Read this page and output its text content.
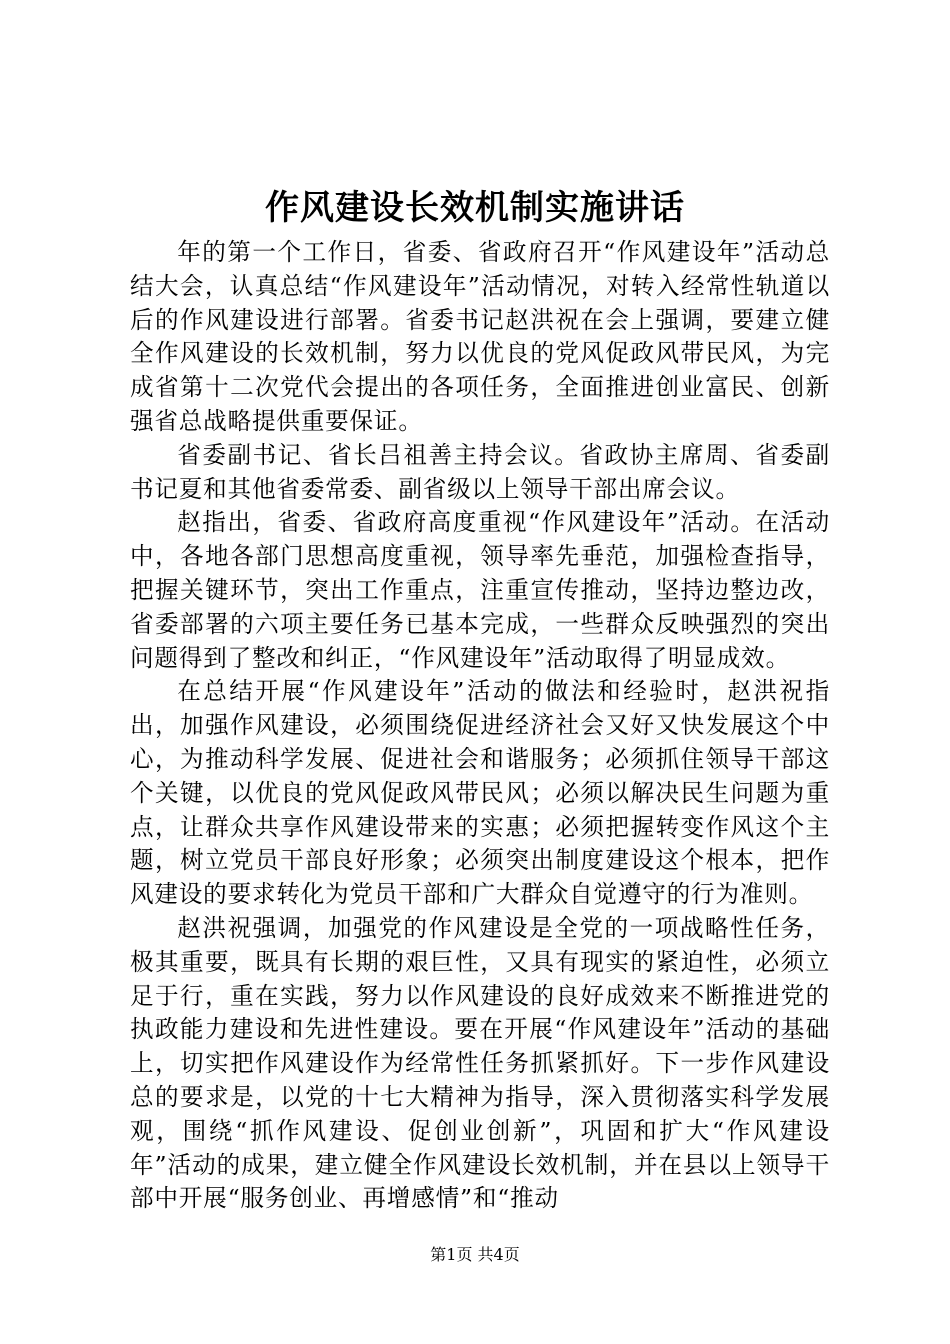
作风建设长效机制实施讲话

年的第一个工作日，省委、省政府召开“作风建设年”活动总结大会，认真总结“作风建设年”活动情况，对转入经常性轨道以后的作风建设进行部署。省委书记赵洪祝在会上强调，要建立健全作风建设的长效机制，努力以优良的党风促政风带民风，为完成省第十二次党代会提出的各项任务，全面推进创业富民、创新强省总战略提供重要保证。

省委副书记、省长吕祖善主持会议。省政协主席周、省委副书记夏和其他省委常委、副省级以上领导干部出席会议。

赵指出，省委、省政府高度重视“作风建设年”活动。在活动中，各地各部门思想高度重视，领导率先垂范，加强检查指导，把握关键环节，突出工作重点，注重宣传推动，坚持边整边改，省委部署的六项主要任务已基本完成，一些群众反映强烈的突出问题得到了整改和纠正，“作风建设年”活动取得了明显成效。

在总结开展“作风建设年”活动的做法和经验时，赵洪祝指出，加强作风建设，必须围绕促进经济社会又好又快发展这个中心，为推动科学发展、促进社会和谐服务；必须抓住领导干部这个关键，以优良的党风促政风带民风；必须以解决民生问题为重点，让群众共享作风建设带来的实惠；必须把握转变作风这个主题，树立党员干部良好形象；必须突出制度建设这个根本，把作风建设的要求转化为党员干部和广大群众自觉遵守的行为准则。

赵洪祝强调，加强党的作风建设是全党的一项战略性任务，极其重要，既具有长期的艰巨性，又具有现实的紧迫性，必须立足于行，重在实践，努力以作风建设的良好成效来不断推进党的执政能力建设和先进性建设。要在开展“作风建设年”活动的基础上，切实把作风建设作为经常性任务抓紧抓好。下一步作风建设总的要求是，以党的十七大精神为指导，深入贯彻落实科学发展观，围绕“抓作风建设、促创业创新”，巩固和扩大“作风建设年”活动的成果，建立健全作风建设长效机制，并在县以上领导干部中开展“服务创业、再增感情”和“推动

第1页 共4页
